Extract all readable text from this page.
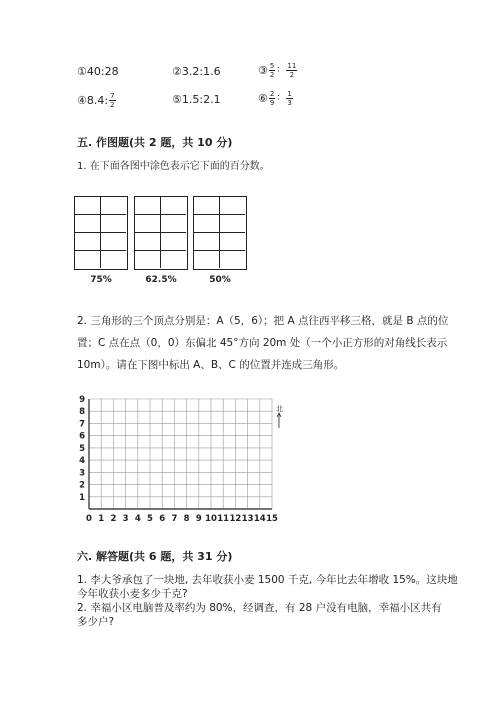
① 40:28	② 3.2:1.6	③ $\frac{5}{2}$ ： $\frac{11}{2}$
④ 8.4: $\frac{7}{2}$	⑤ 1.5:2.1	⑥ $\frac{2}{9}$ ： $\frac{1}{3}$
五. 作图题(共 2 题，共 10 分)
1. 在下面各图中涂色表示它下面的百分数。
75%	62.5%	50%
2. 三角形的三个顶点分别是：A（5，6）；把 A 点往西平移三格，就是 B 点的位
置；C 点在点（0，0）东偏北 45°方向 20m 处（一个小正方形的对角线长表示
10m）。请在下图中标出 A、B、C 的位置并连成三角形。
0 1 2 3 4 5 6 7 8 9 10 11 12 13 14 15
1
2
3
4
5
6
7
8
9
北
六. 解答题(共 6 题，共 31 分)
1. 李大爷承包了一块地, 去年收获小麦 1500 千克, 今年比去年增收 15%。这块地
今年收获小麦多少千克?
2. 幸福小区电脑普及率约为 80%，经调查，有 28 户没有电脑，幸福小区共有
多少户?
